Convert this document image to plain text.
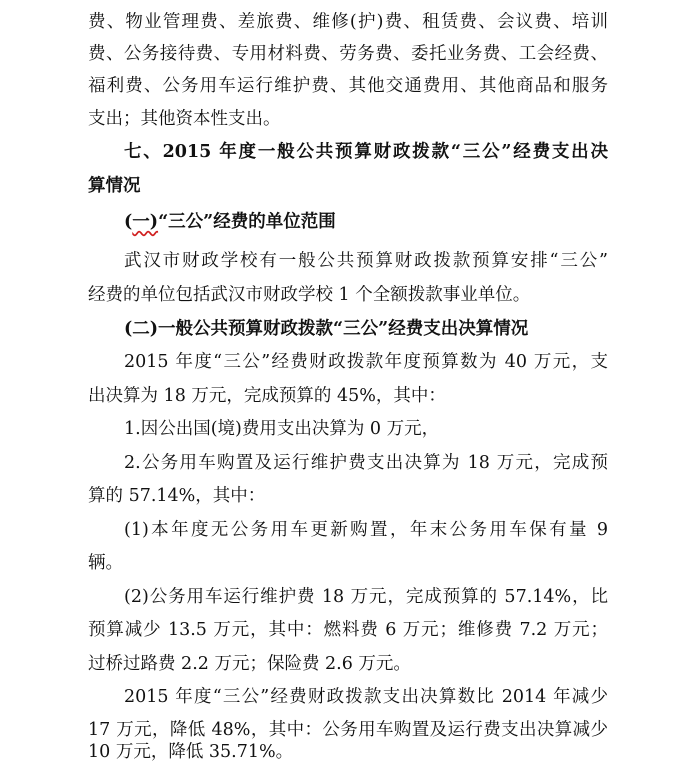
费、物业管理费、差旅费、维修(护)费、租赁费、会议费、培训
费、公务接待费、专用材料费、劳务费、委托业务费、工会经费、
福利费、公务用车运行维护费、其他交通费用、其他商品和服务
支出；其他资本性支出。
七、2015 年度一般公共预算财政拨款“三公”经费支出决
算情况
(一)“三公”经费的单位范围
武汉市财政学校有一般公共预算财政拨款预算安排“三公”
经费的单位包括武汉市财政学校 1 个全额拨款事业单位。
(二)一般公共预算财政拨款“三公”经费支出决算情况
2015 年度“三公”经费财政拨款年度预算数为 40 万元，支
出决算为 18 万元，完成预算的 45%，其中：
1.因公出国(境)费用支出决算为 0 万元，
2.公务用车购置及运行维护费支出决算为 18 万元，完成预
算的 57.14%，其中：
(1)本年度无公务用车更新购置，年末公务用车保有量 9
辆。
(2)公务用车运行维护费 18 万元，完成预算的 57.14%，比
预算减少 13.5 万元，其中：燃料费 6 万元；维修费 7.2 万元；
过桥过路费 2.2 万元；保险费 2.6 万元。
2015 年度“三公”经费财政拨款支出决算数比 2014 年减少
17 万元，降低 48%，其中：公务用车购置及运行费支出决算减少
10 万元，降低 35.71%。
